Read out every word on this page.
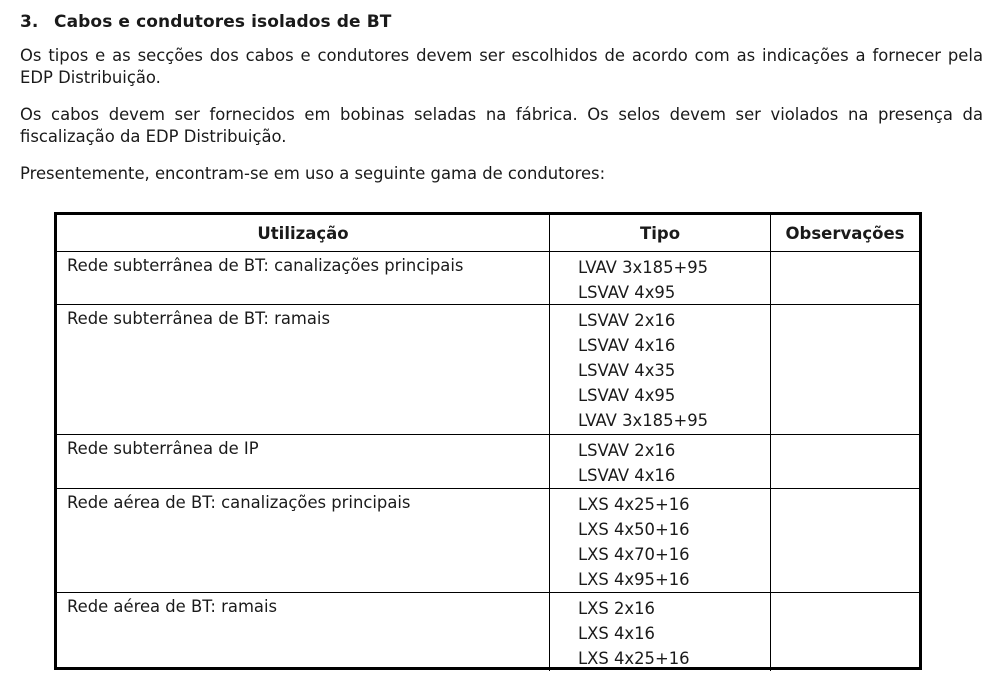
3. Cabos e condutores isolados de BT
Os tipos e as secções dos cabos e condutores devem ser escolhidos de acordo com as indicações a fornecer pela EDP Distribuição.
Os cabos devem ser fornecidos em bobinas seladas na fábrica. Os selos devem ser violados na presença da fiscalização da EDP Distribuição.
Presentemente, encontram-se em uso a seguinte gama de condutores:
Utilização	Tipo	Observações
Rede subterrânea de BT: canalizações principais	LVAV 3x185+95
LSVAV 4x95
Rede subterrânea de BT: ramais	LSVAV 2x16
LSVAV 4x16
LSVAV 4x35
LSVAV 4x95
LVAV 3x185+95
Rede subterrânea de IP	LSVAV 2x16
LSVAV 4x16
Rede aérea de BT: canalizações principais	LXS 4x25+16
LXS 4x50+16
LXS 4x70+16
LXS 4x95+16
Rede aérea de BT: ramais	LXS 2x16
LXS 4x16
LXS 4x25+16
